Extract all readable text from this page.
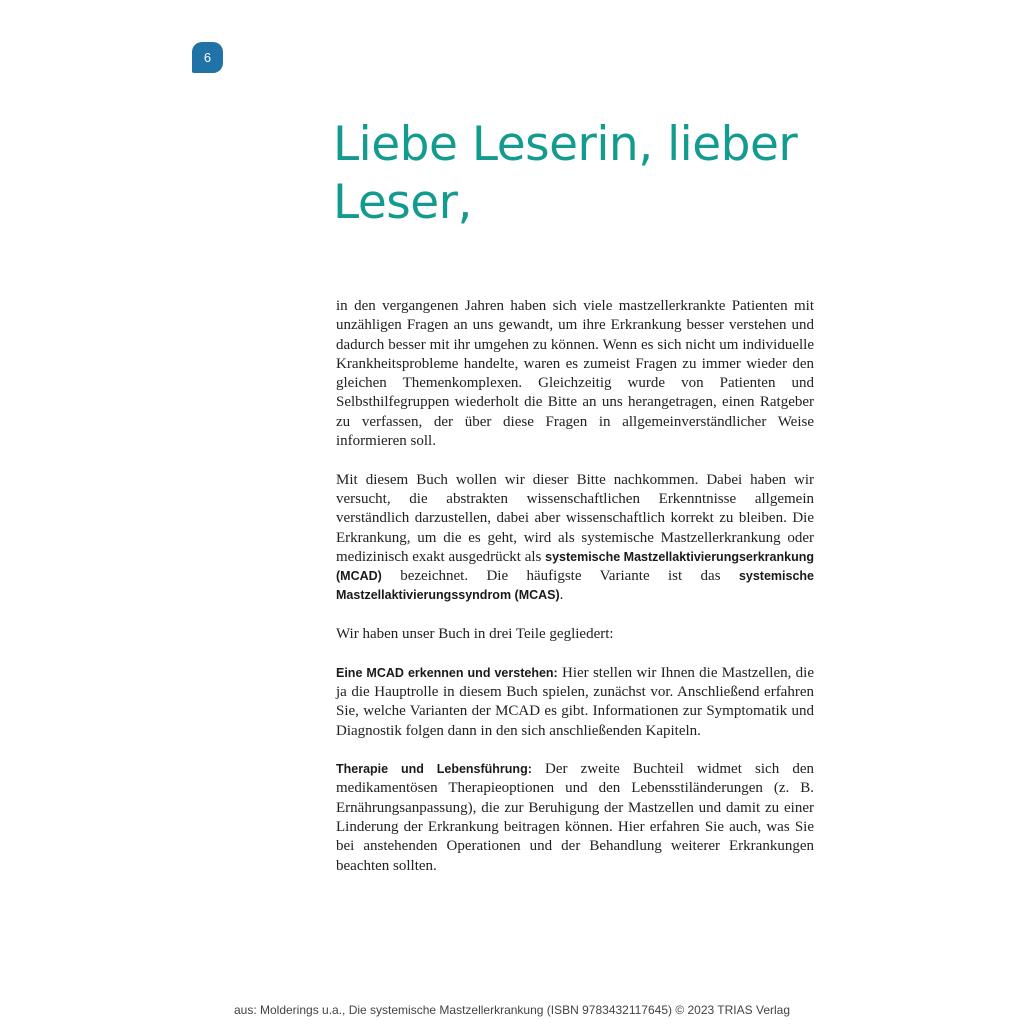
6
Liebe Leserin, lieber
Leser,

in den vergangenen Jahren haben sich viele mastzellerkrankte Patienten mit unzähligen Fragen an uns gewandt, um ihre Erkrankung besser verstehen und dadurch besser mit ihr umgehen zu können. Wenn es sich nicht um individuelle Krankheitsprobleme handelte, waren es zumeist Fragen zu immer wieder den gleichen Themenkomplexen. Gleichzeitig wurde von Patienten und Selbsthilfegruppen wiederholt die Bitte an uns herangetragen, einen Ratgeber zu verfassen, der über diese Fragen in allgemeinverständlicher Weise informieren soll.

Mit diesem Buch wollen wir dieser Bitte nachkommen. Dabei haben wir versucht, die abstrakten wissenschaftlichen Erkenntnisse allgemein verständlich darzustellen, dabei aber wissenschaftlich korrekt zu bleiben. Die Erkrankung, um die es geht, wird als systemische Mastzellerkrankung oder medizinisch exakt ausgedrückt als systemische Mastzellaktivierungserkrankung (MCAD) bezeichnet. Die häufigste Variante ist das systemische Mastzellaktivierungssyndrom (MCAS).

Wir haben unser Buch in drei Teile gegliedert:

Eine MCAD erkennen und verstehen: Hier stellen wir Ihnen die Mastzellen, die ja die Hauptrolle in diesem Buch spielen, zunächst vor. Anschließend erfahren Sie, welche Varianten der MCAD es gibt. Informationen zur Symptomatik und Diagnostik folgen dann in den sich anschließenden Kapiteln.

Therapie und Lebensführung: Der zweite Buchteil widmet sich den medikamentösen Therapieoptionen und den Lebensstiländerungen (z. B. Ernährungsanpassung), die zur Beruhigung der Mastzellen und damit zu einer Linderung der Erkrankung beitragen können. Hier erfahren Sie auch, was Sie bei anstehenden Operationen und der Behandlung weiterer Erkrankungen beachten sollten.

aus: Molderings u.a., Die systemische Mastzellerkrankung (ISBN 9783432117645) © 2023 TRIAS Verlag
